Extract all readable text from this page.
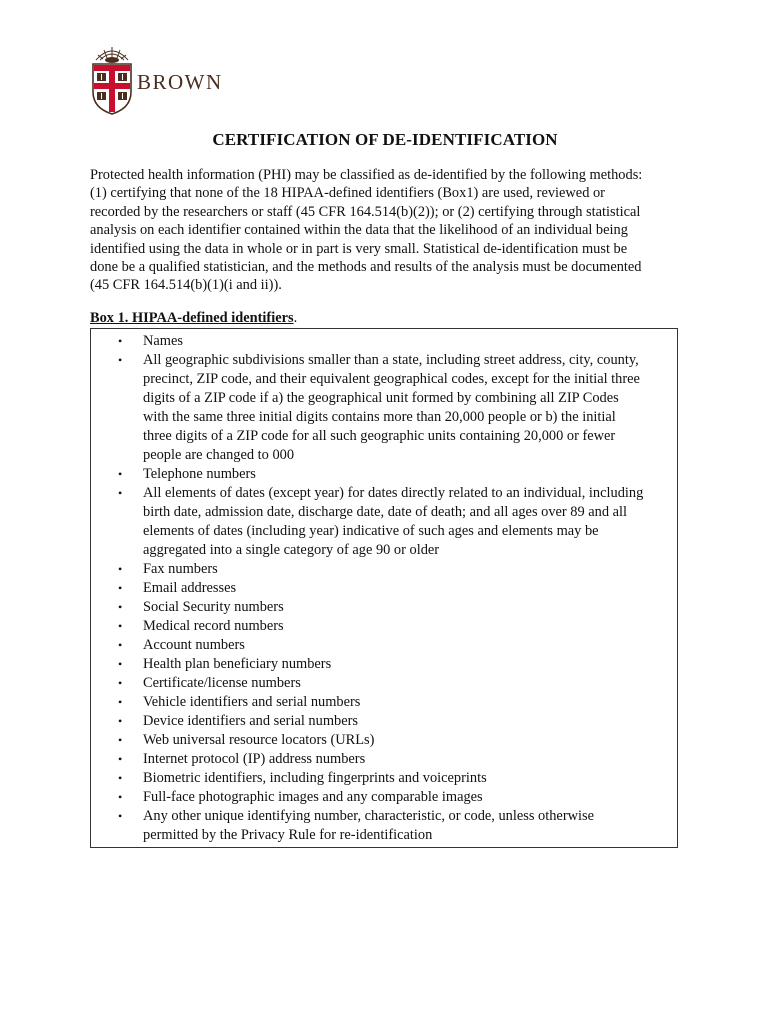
BROWN
CERTIFICATION OF DE-IDENTIFICATION
Protected health information (PHI) may be classified as de-identified by the following methods:
(1) certifying that none of the 18 HIPAA-defined identifiers (Box1) are used, reviewed or
recorded by the researchers or staff (45 CFR 164.514(b)(2)); or (2) certifying through statistical
analysis on each identifier contained within the data that the likelihood of an individual being
identified using the data in whole or in part is very small. Statistical de-identification must be
done be a qualified statistician, and the methods and results of the analysis must be documented
(45 CFR 164.514(b)(1)(i and ii)).
Box 1. HIPAA-defined identifiers.
• Names
• All geographic subdivisions smaller than a state, including street address, city, county,
precinct, ZIP code, and their equivalent geographical codes, except for the initial three
digits of a ZIP code if a) the geographical unit formed by combining all ZIP Codes
with the same three initial digits contains more than 20,000 people or b) the initial
three digits of a ZIP code for all such geographic units containing 20,000 or fewer
people are changed to 000
• Telephone numbers
• All elements of dates (except year) for dates directly related to an individual, including
birth date, admission date, discharge date, date of death; and all ages over 89 and all
elements of dates (including year) indicative of such ages and elements may be
aggregated into a single category of age 90 or older
• Fax numbers
• Email addresses
• Social Security numbers
• Medical record numbers
• Account numbers
• Health plan beneficiary numbers
• Certificate/license numbers
• Vehicle identifiers and serial numbers
• Device identifiers and serial numbers
• Web universal resource locators (URLs)
• Internet protocol (IP) address numbers
• Biometric identifiers, including fingerprints and voiceprints
• Full-face photographic images and any comparable images
• Any other unique identifying number, characteristic, or code, unless otherwise
permitted by the Privacy Rule for re-identification
